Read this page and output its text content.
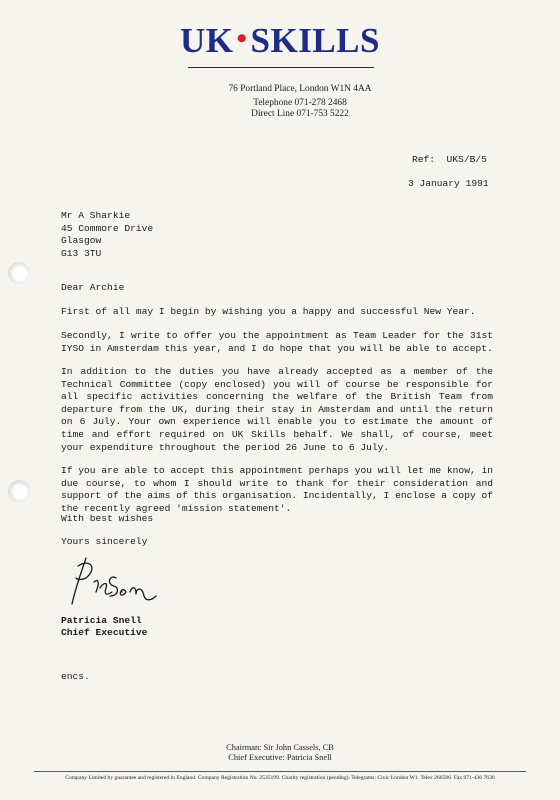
UK •SKILLS
76 Portland Place, London W1N 4AA
Telephone 071-278 2468
Direct Line 071-753 5222
Ref:  UKS/B/5
3 January 1991
Mr A Sharkie
45 Commore Drive
Glasgow
G13 3TU
Dear Archie
First of all may I begin by wishing you a happy and successful New Year.
Secondly, I write to offer you the appointment as Team Leader for the 31st IYSO in Amsterdam this year, and I do hope that you will be able to accept.
In addition to the duties you have already accepted as a member of the Technical Committee (copy enclosed) you will of course be responsible for all specific activities concerning the welfare of the British Team from departure from the UK, during their stay in Amsterdam and until the return on 6 July. Your own experience will enable you to estimate the amount of time and effort required on UK Skills behalf. We shall, of course, meet your expenditure throughout the period 26 June to 6 July.
If you are able to accept this appointment perhaps you will let me know, in due course, to whom I should write to thank for their consideration and support of the aims of this organisation. Incidentally, I enclose a copy of the recently agreed 'mission statement'.
With best wishes
Yours sincerely
Patricia Snell
Chief Executive
encs.
Chairman: Sir John Cassels, CB
Chief Executive: Patricia Snell
Company Limited by guarantee and registered in England. Company Registration No. 2535199. Charity registration (pending). Telegrams: Civic London W1. Telex 266586. Fax 071-436 7630
